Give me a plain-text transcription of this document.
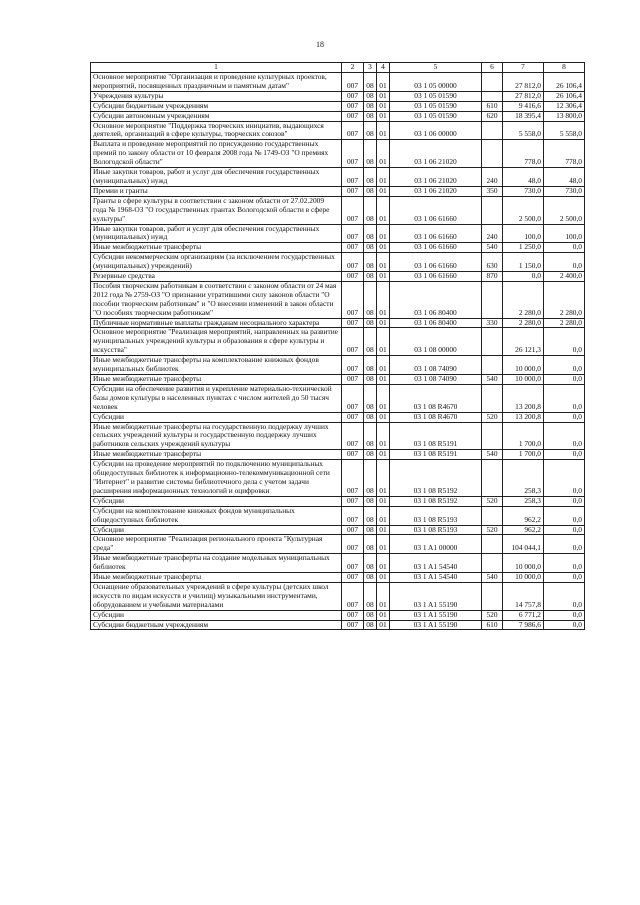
18
1	2	3	4	5	6	7	8
Основное мероприятие "Организация и проведение культурных проектов, мероприятий, посвященных праздничным и памятным датам"	007	08	01	03 1 05 00000		27 812,0	26 106,4
Учреждения культуры	007	08	01	03 1 05 01590		27 812,0	26 106,4
Субсидии бюджетным учреждениям	007	08	01	03 1 05 01590	610	9 416,6	12 306,4
Субсидии автономным учреждениям	007	08	01	03 1 05 01590	620	18 395,4	13 800,0
Основное мероприятие "Поддержка творческих инициатив, выдающихся деятелей, организаций в сфере культуры, творческих союзов"	007	08	01	03 1 06 00000		5 558,0	5 558,0
Выплата и проведение мероприятий по присуждению государственных премий по закону области от 10 февраля 2008 года № 1749-ОЗ "О премиях Вологодской области"	007	08	01	03 1 06 21020		778,0	778,0
Иные закупки товаров, работ и услуг для обеспечения государственных (муниципальных) нужд	007	08	01	03 1 06 21020	240	48,0	48,0
Премии и гранты	007	08	01	03 1 06 21020	350	730,0	730,0
Гранты в сфере культуры в соответствии с законом области от 27.02.2009 года № 1968-ОЗ "О государственных грантах Вологодской области в сфере культуры"	007	08	01	03 1 06 61660		2 500,0	2 500,0
Иные закупки товаров, работ и услуг для обеспечения государственных (муниципальных) нужд	007	08	01	03 1 06 61660	240	100,0	100,0
Иные межбюджетные трансферты	007	08	01	03 1 06 61660	540	1 250,0	0,0
Субсидии некоммерческим организациям (за исключением государственных (муниципальных) учреждений)	007	08	01	03 1 06 61660	630	1 150,0	0,0
Резервные средства	007	08	01	03 1 06 61660	870	0,0	2 400,0
Пособия творческим работникам в соответствии с законом области от 24 мая 2012 года № 2759-ОЗ "О признании утратившими силу законов области "О пособии творческим работникам" и "О внесении изменений в закон области "О пособиях творческим работникам"	007	08	01	03 1 06 80400		2 280,0	2 280,0
Публичные нормативные выплаты гражданам несоциального характера	007	08	01	03 1 06 80400	330	2 280,0	2 280,0
Основное мероприятие "Реализация мероприятий, направленных на развитие муниципальных учреждений культуры и образования в сфере культуры и искусства"	007	08	01	03 1 08 00000		26 121,3	0,0
Иные межбюджетные трансферты на комплектование книжных фондов муниципальных библиотек	007	08	01	03 1 08 74090		10 000,0	0,0
Иные межбюджетные трансферты	007	08	01	03 1 08 74090	540	10 000,0	0,0
Субсидии на обеспечение развития и укрепление материально-технической базы домов культуры в населенных пунктах с числом жителей до 50 тысяч человек	007	08	01	03 1 08 R4670		13 200,8	0,0
Субсидии	007	08	01	03 1 08 R4670	520	13 200,8	0,0
Иные межбюджетные трансферты на государственную поддержку лучших сельских учреждений культуры и государственную поддержку лучших работников сельских учреждений культуры	007	08	01	03 1 08 R5191		1 700,0	0,0
Иные межбюджетные трансферты	007	08	01	03 1 08 R5191	540	1 700,0	0,0
Субсидии на проведение мероприятий по подключению муниципальных общедоступных библиотек к информационно-телекоммуникационной сети "Интернет" и развитие системы библиотечного дела с учетом задачи расширения информационных технологий и оцифровки	007	08	01	03 1 08 R5192		258,3	0,0
Субсидии	007	08	01	03 1 08 R5192	520	258,3	0,0
Субсидии на комплектование книжных фондов муниципальных общедоступных библиотек	007	08	01	03 1 08 R5193		962,2	0,0
Субсидии	007	08	01	03 1 08 R5193	520	962,2	0,0
Основное мероприятие "Реализация регионального проекта "Культурная среда"	007	08	01	03 1 A1 00000		104 044,1	0,0
Иные межбюджетные трансферты на создание модельных муниципальных библиотек	007	08	01	03 1 A1 54540		10 000,0	0,0
Иные межбюджетные трансферты	007	08	01	03 1 A1 54540	540	10 000,0	0,0
Оснащение образовательных учреждений в сфере культуры (детских школ искусств по видам искусств и училищ) музыкальными инструментами, оборудованием и учебными материалами	007	08	01	03 1 A1 55190		14 757,8	0,0
Субсидии	007	08	01	03 1 A1 55190	520	6 771,2	0,0
Субсидии бюджетным учреждениям	007	08	01	03 1 A1 55190	610	7 986,6	0,0
